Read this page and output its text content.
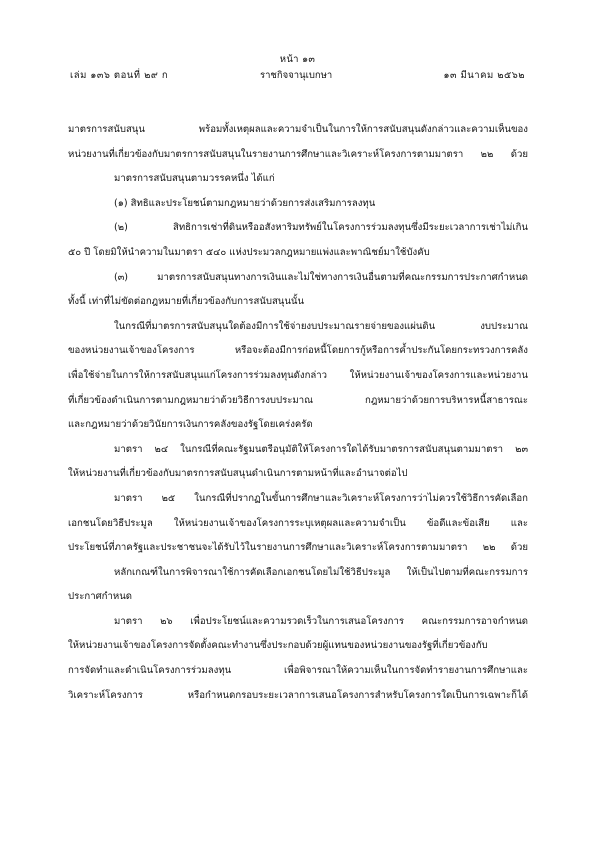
หน้า ๑๓
เล่ม ๑๓๖ ตอนที่ ๒๙ ก	ราชกิจจานุเบกษา	๑๓ มีนาคม ๒๕๖๒
มาตรการสนับสนุน พร้อมทั้งเหตุผลและความจำเป็นในการให้การสนับสนุนดังกล่าวและความเห็นของ
หน่วยงานที่เกี่ยวข้องกับมาตรการสนับสนุนในรายงานการศึกษาและวิเคราะห์โครงการตามมาตรา ๒๒ ด้วย
มาตรการสนับสนุนตามวรรคหนึ่ง ได้แก่
(๑) สิทธิและประโยชน์ตามกฎหมายว่าด้วยการส่งเสริมการลงทุน
(๒) สิทธิการเช่าที่ดินหรืออสังหาริมทรัพย์ในโครงการร่วมลงทุนซึ่งมีระยะเวลาการเช่าไม่เกิน
๕๐ ปี โดยมิให้นำความในมาตรา ๕๔๐ แห่งประมวลกฎหมายแพ่งและพาณิชย์มาใช้บังคับ
(๓) มาตรการสนับสนุนทางการเงินและไม่ใช่ทางการเงินอื่นตามที่คณะกรรมการประกาศกำหนด
ทั้งนี้ เท่าที่ไม่ขัดต่อกฎหมายที่เกี่ยวข้องกับการสนับสนุนนั้น
ในกรณีที่มาตรการสนับสนุนใดต้องมีการใช้จ่ายงบประมาณรายจ่ายของแผ่นดิน งบประมาณ
ของหน่วยงานเจ้าของโครงการ หรือจะต้องมีการก่อหนี้โดยการกู้หรือการค้ำประกันโดยกระทรวงการคลัง
เพื่อใช้จ่ายในการให้การสนับสนุนแก่โครงการร่วมลงทุนดังกล่าว ให้หน่วยงานเจ้าของโครงการและหน่วยงาน
ที่เกี่ยวข้องดำเนินการตามกฎหมายว่าด้วยวิธีการงบประมาณ กฎหมายว่าด้วยการบริหารหนี้สาธารณะ
และกฎหมายว่าด้วยวินัยการเงินการคลังของรัฐโดยเคร่งครัด
มาตรา ๒๔ ในกรณีที่คณะรัฐมนตรีอนุมัติให้โครงการใดได้รับมาตรการสนับสนุนตามมาตรา ๒๓
ให้หน่วยงานที่เกี่ยวข้องกับมาตรการสนับสนุนดำเนินการตามหน้าที่และอำนาจต่อไป
มาตรา ๒๕ ในกรณีที่ปรากฏในขั้นการศึกษาและวิเคราะห์โครงการว่าไม่ควรใช้วิธีการคัดเลือก
เอกชนโดยวิธีประมูล ให้หน่วยงานเจ้าของโครงการระบุเหตุผลและความจำเป็น ข้อดีและข้อเสีย และ
ประโยชน์ที่ภาครัฐและประชาชนจะได้รับไว้ในรายงานการศึกษาและวิเคราะห์โครงการตามมาตรา ๒๒ ด้วย
หลักเกณฑ์ในการพิจารณาใช้การคัดเลือกเอกชนโดยไม่ใช้วิธีประมูล ให้เป็นไปตามที่คณะกรรมการ
ประกาศกำหนด
มาตรา ๒๖ เพื่อประโยชน์และความรวดเร็วในการเสนอโครงการ คณะกรรมการอาจกำหนด
ให้หน่วยงานเจ้าของโครงการจัดตั้งคณะทำงานซึ่งประกอบด้วยผู้แทนของหน่วยงานของรัฐที่เกี่ยวข้องกับ
การจัดทำและดำเนินโครงการร่วมลงทุน เพื่อพิจารณาให้ความเห็นในการจัดทำรายงานการศึกษาและ
วิเคราะห์โครงการ หรือกำหนดกรอบระยะเวลาการเสนอโครงการสำหรับโครงการใดเป็นการเฉพาะก็ได้
